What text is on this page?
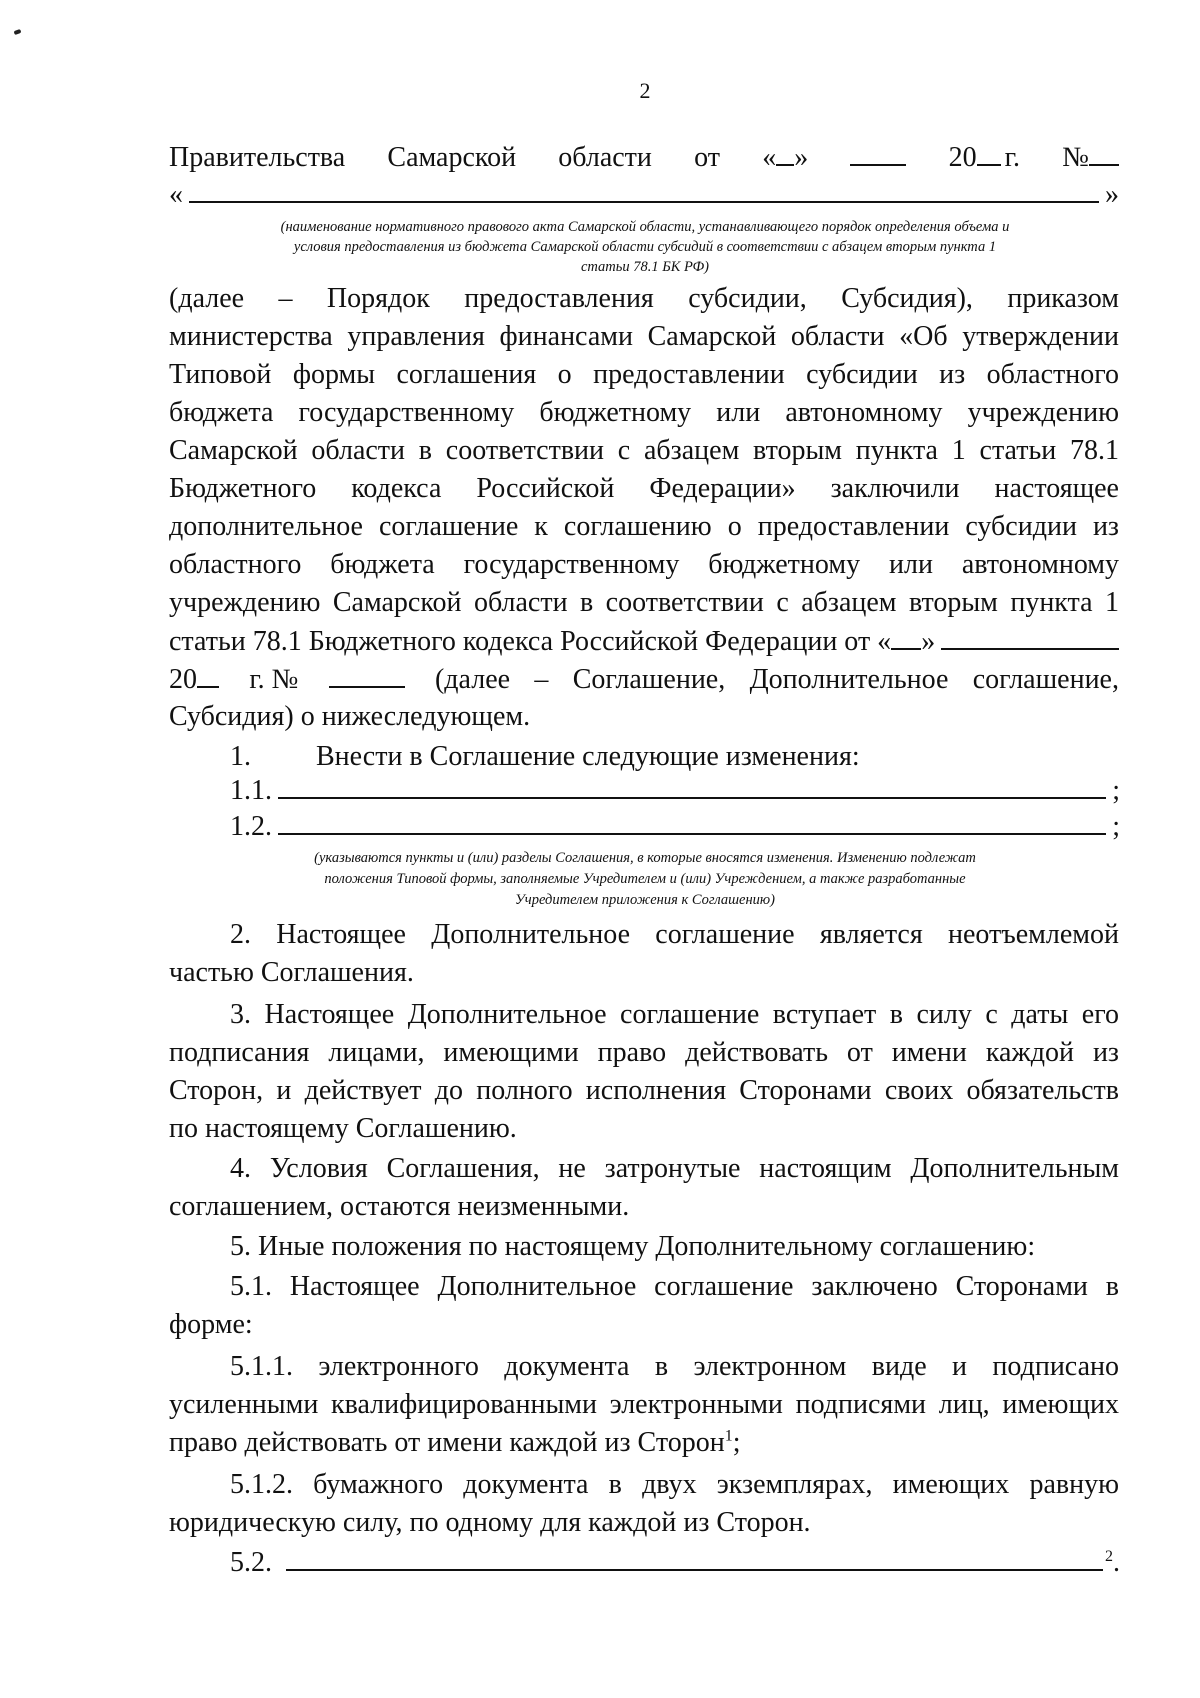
2
Правительства Самарской области от « »	20 г. №
«	»
(наименование нормативного правового акта Самарской области, устанавливающего порядок определения объема и
условия предоставления из бюджета Самарской области субсидий в соответствии с абзацем вторым пункта 1
статьи 78.1 БК РФ)
(далее – Порядок предоставления субсидии, Субсидия), приказом
министерства управления финансами Самарской области «Об утверждении
Типовой формы соглашения о предоставлении субсидии из областного
бюджета государственному бюджетному или автономному учреждению
Самарской области в соответствии с абзацем вторым пункта 1 статьи 78.1
Бюджетного кодекса Российской Федерации» заключили настоящее
дополнительное соглашение к соглашению о предоставлении субсидии из
областного бюджета государственному бюджетному или автономному
учреждению Самарской области в соответствии с абзацем вторым пункта 1
статьи 78.1 Бюджетного кодекса Российской Федерации от « »
20	г. №	(далее – Соглашение, Дополнительное соглашение,
Субсидия) о нижеследующем.
1. Внести в Соглашение следующие изменения:
1.1.	;
1.2.	;
(указываются пункты и (или) разделы Соглашения, в которые вносятся изменения. Изменению подлежат
положения Типовой формы, заполняемые Учредителем и (или) Учреждением, а также разработанные
Учредителем приложения к Соглашению)
2. Настоящее Дополнительное соглашение является неотъемлемой
частью Соглашения.
3. Настоящее Дополнительное соглашение вступает в силу с даты его
подписания лицами, имеющими право действовать от имени каждой из
Сторон, и действует до полного исполнения Сторонами своих обязательств
по настоящему Соглашению.
4. Условия Соглашения, не затронутые настоящим Дополнительным
соглашением, остаются неизменными.
5. Иные положения по настоящему Дополнительному соглашению:
5.1. Настоящее Дополнительное соглашение заключено Сторонами в
форме:
5.1.1. электронного документа в электронном виде и подписано
усиленными квалифицированными электронными подписями лиц, имеющих
право действовать от имени каждой из Сторон$^1$;
5.1.2. бумажного документа в двух экземплярах, имеющих равную
юридическую силу, по одному для каждой из Сторон.
5.2.	$^2$ .
